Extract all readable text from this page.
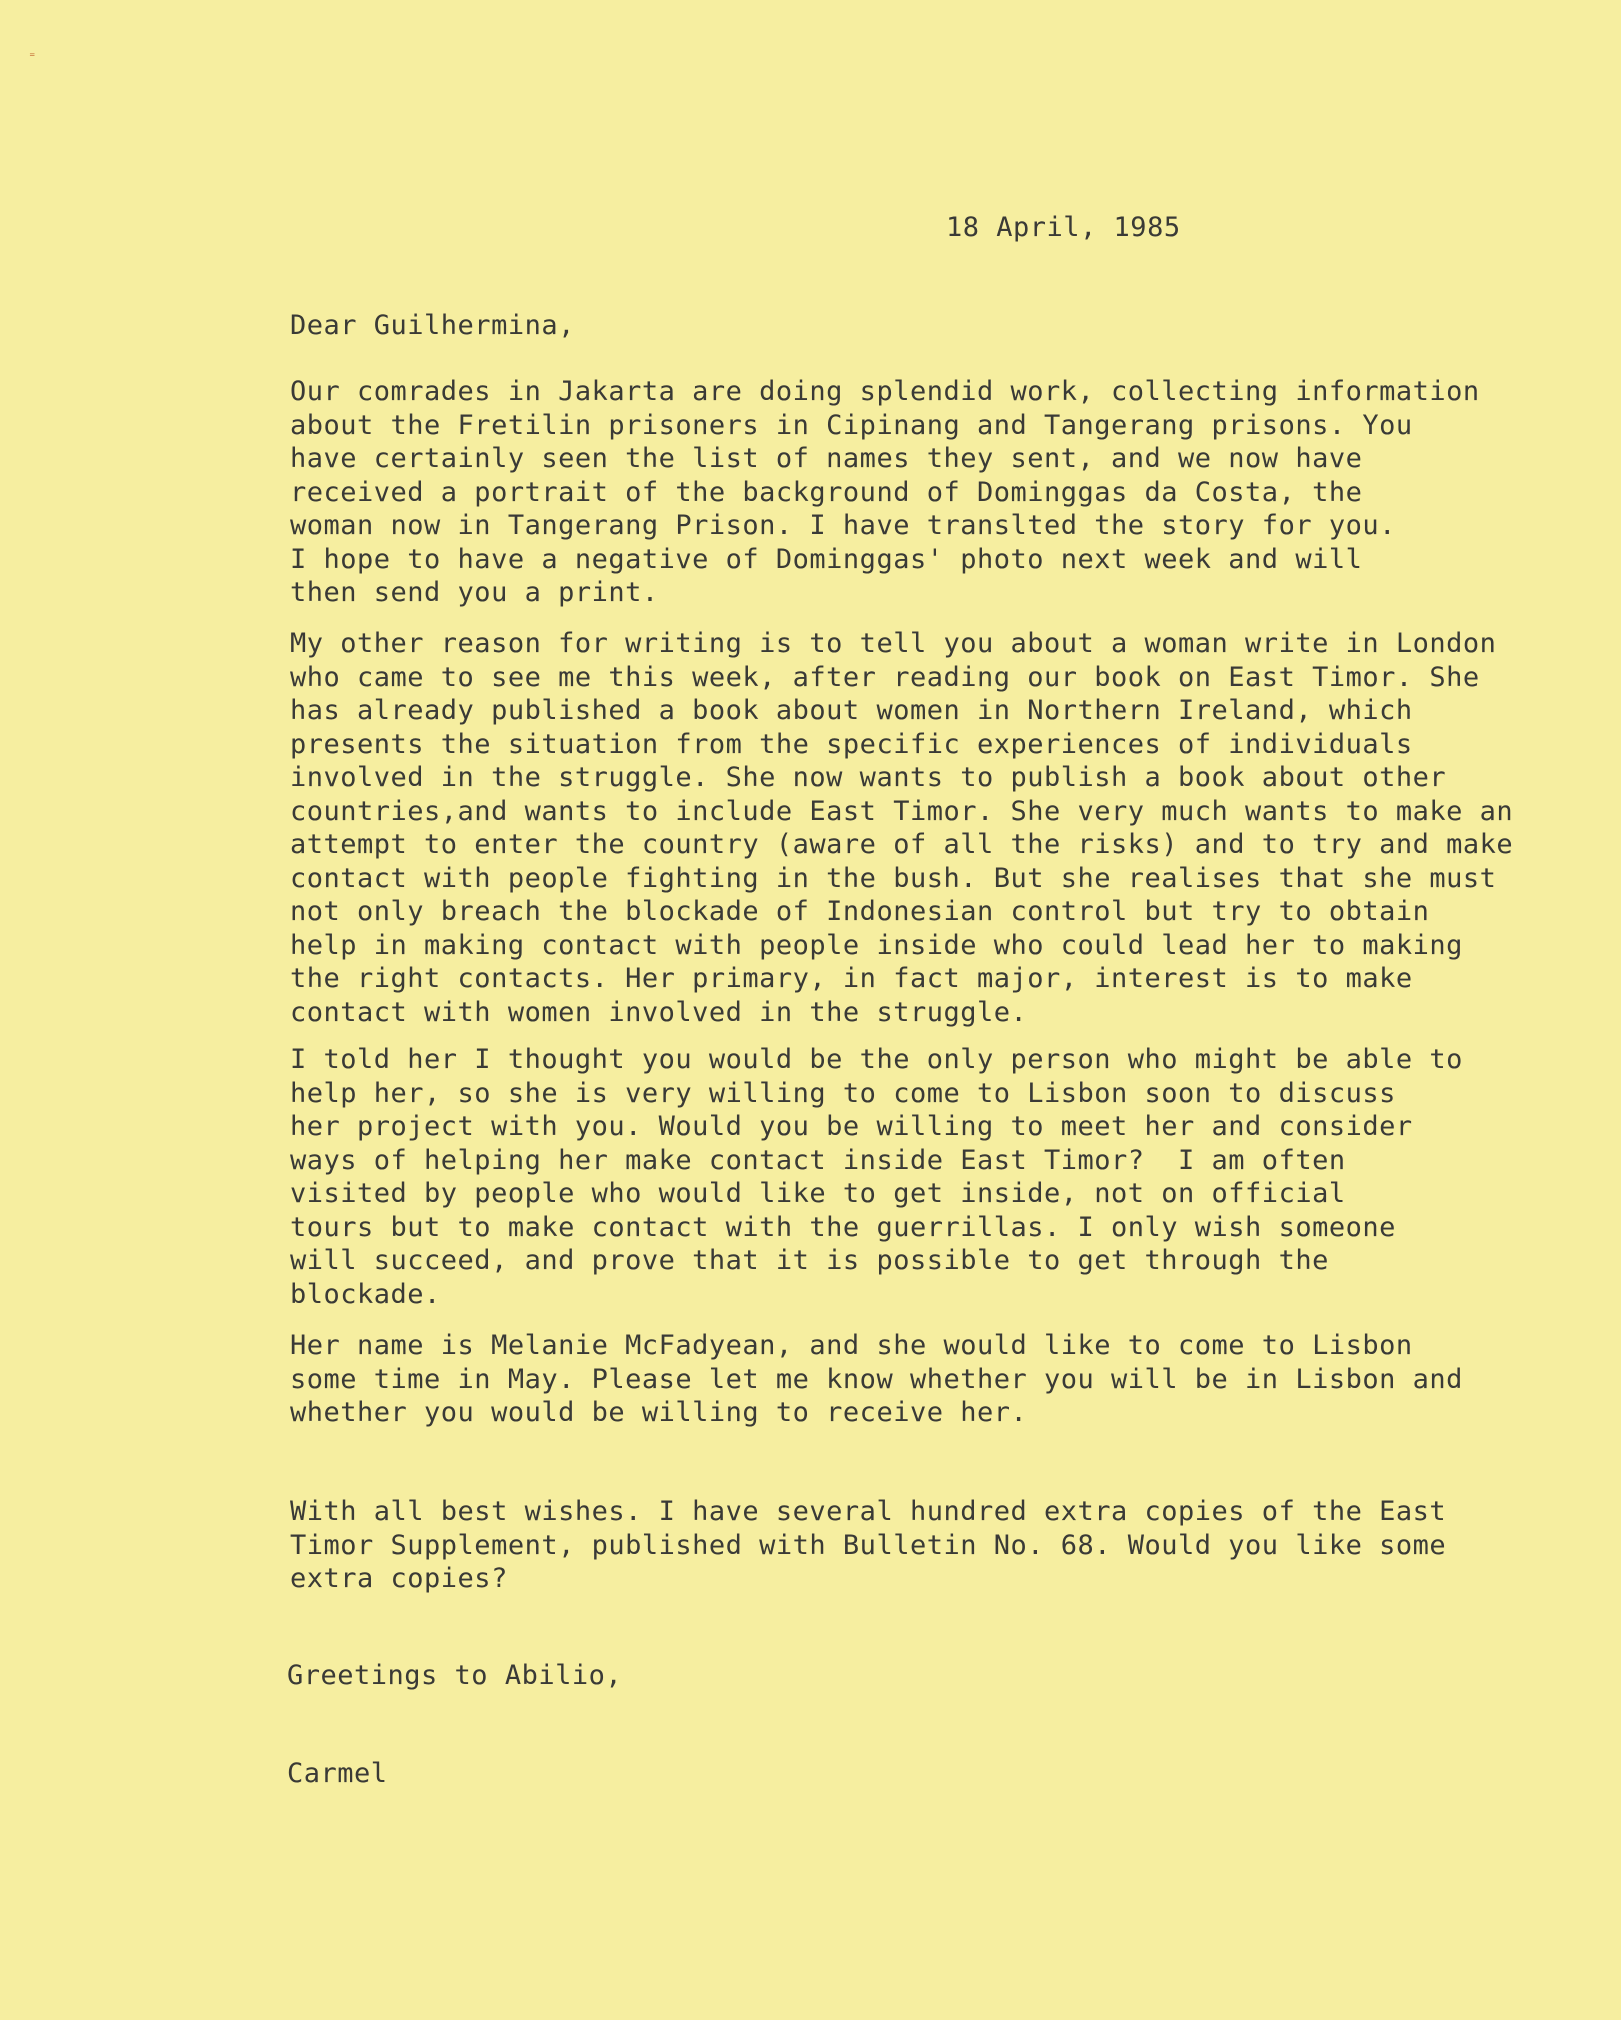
₌
18 April, 1985
Dear Guilhermina,

Our comrades in Jakarta are doing splendid work, collecting information
about the Fretilin prisoners in Cipinang and Tangerang prisons. You
have certainly seen the list of names they sent, and we now have
received a portrait of the background of Dominggas da Costa, the
woman now in Tangerang Prison. I have translted the story for you.
I hope to have a negative of Dominggas' photo next week and will
then send you a print.

My other reason for writing is to tell you about a woman write in London
who came to see me this week, after reading our book on East Timor. She
has already published a book about women in Northern Ireland, which
presents the situation from the specific experiences of individuals
involved in the struggle. She now wants to publish a book about other
countries,and wants to include East Timor. She very much wants to make an
attempt to enter the country (aware of all the risks) and to try and make
contact with people fighting in the bush. But she realises that she must
not only breach the blockade of Indonesian control but try to obtain
help in making contact with people inside who could lead her to making
the right contacts. Her primary, in fact major, interest is to make
contact with women involved in the struggle.

I told her I thought you would be the only person who might be able to
help her, so she is very willing to come to Lisbon soon to discuss
her project with you. Would you be willing to meet her and consider
ways of helping her make contact inside East Timor?  I am often
visited by people who would like to get inside, not on official
tours but to make contact with the guerrillas. I only wish someone
will succeed, and prove that it is possible to get through the
blockade.

Her name is Melanie McFadyean, and she would like to come to Lisbon
some time in May. Please let me know whether you will be in Lisbon and
whether you would be willing to receive her.

With all best wishes. I have several hundred extra copies of the East
Timor Supplement, published with Bulletin No. 68. Would you like some
extra copies?

Greetings to Abilio,
Carmel
